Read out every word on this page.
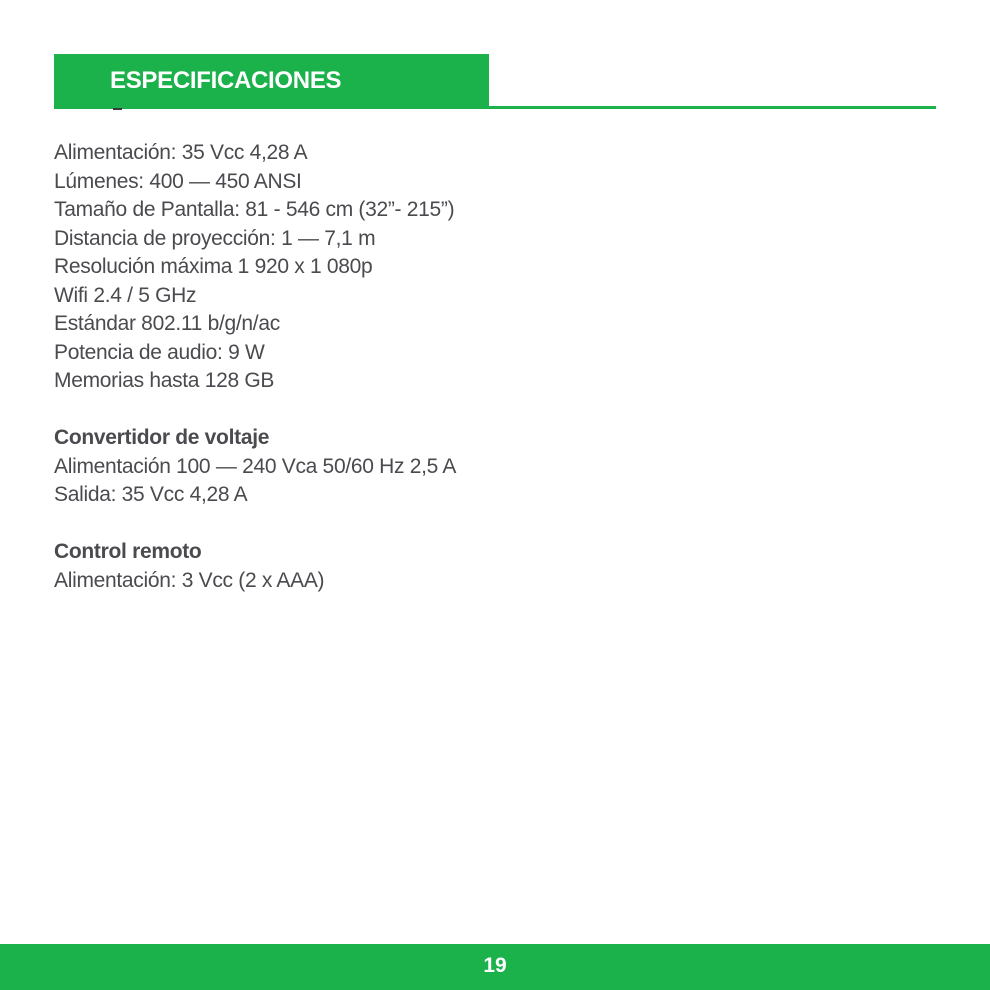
ESPECIFICACIONES
Alimentación: 35 Vcc 4,28 A
Lúmenes: 400 — 450 ANSI
Tamaño de Pantalla: 81 - 546 cm (32”- 215”)
Distancia de proyección: 1 — 7,1 m
Resolución máxima 1 920 x 1 080p
Wifi 2.4 / 5 GHz
Estándar 802.11 b/g/n/ac
Potencia de audio: 9 W
Memorias hasta 128 GB
Convertidor de voltaje
Alimentación 100 — 240 Vca 50/60 Hz 2,5 A
Salida: 35 Vcc 4,28 A
Control remoto
Alimentación: 3 Vcc (2 x AAA)
19
